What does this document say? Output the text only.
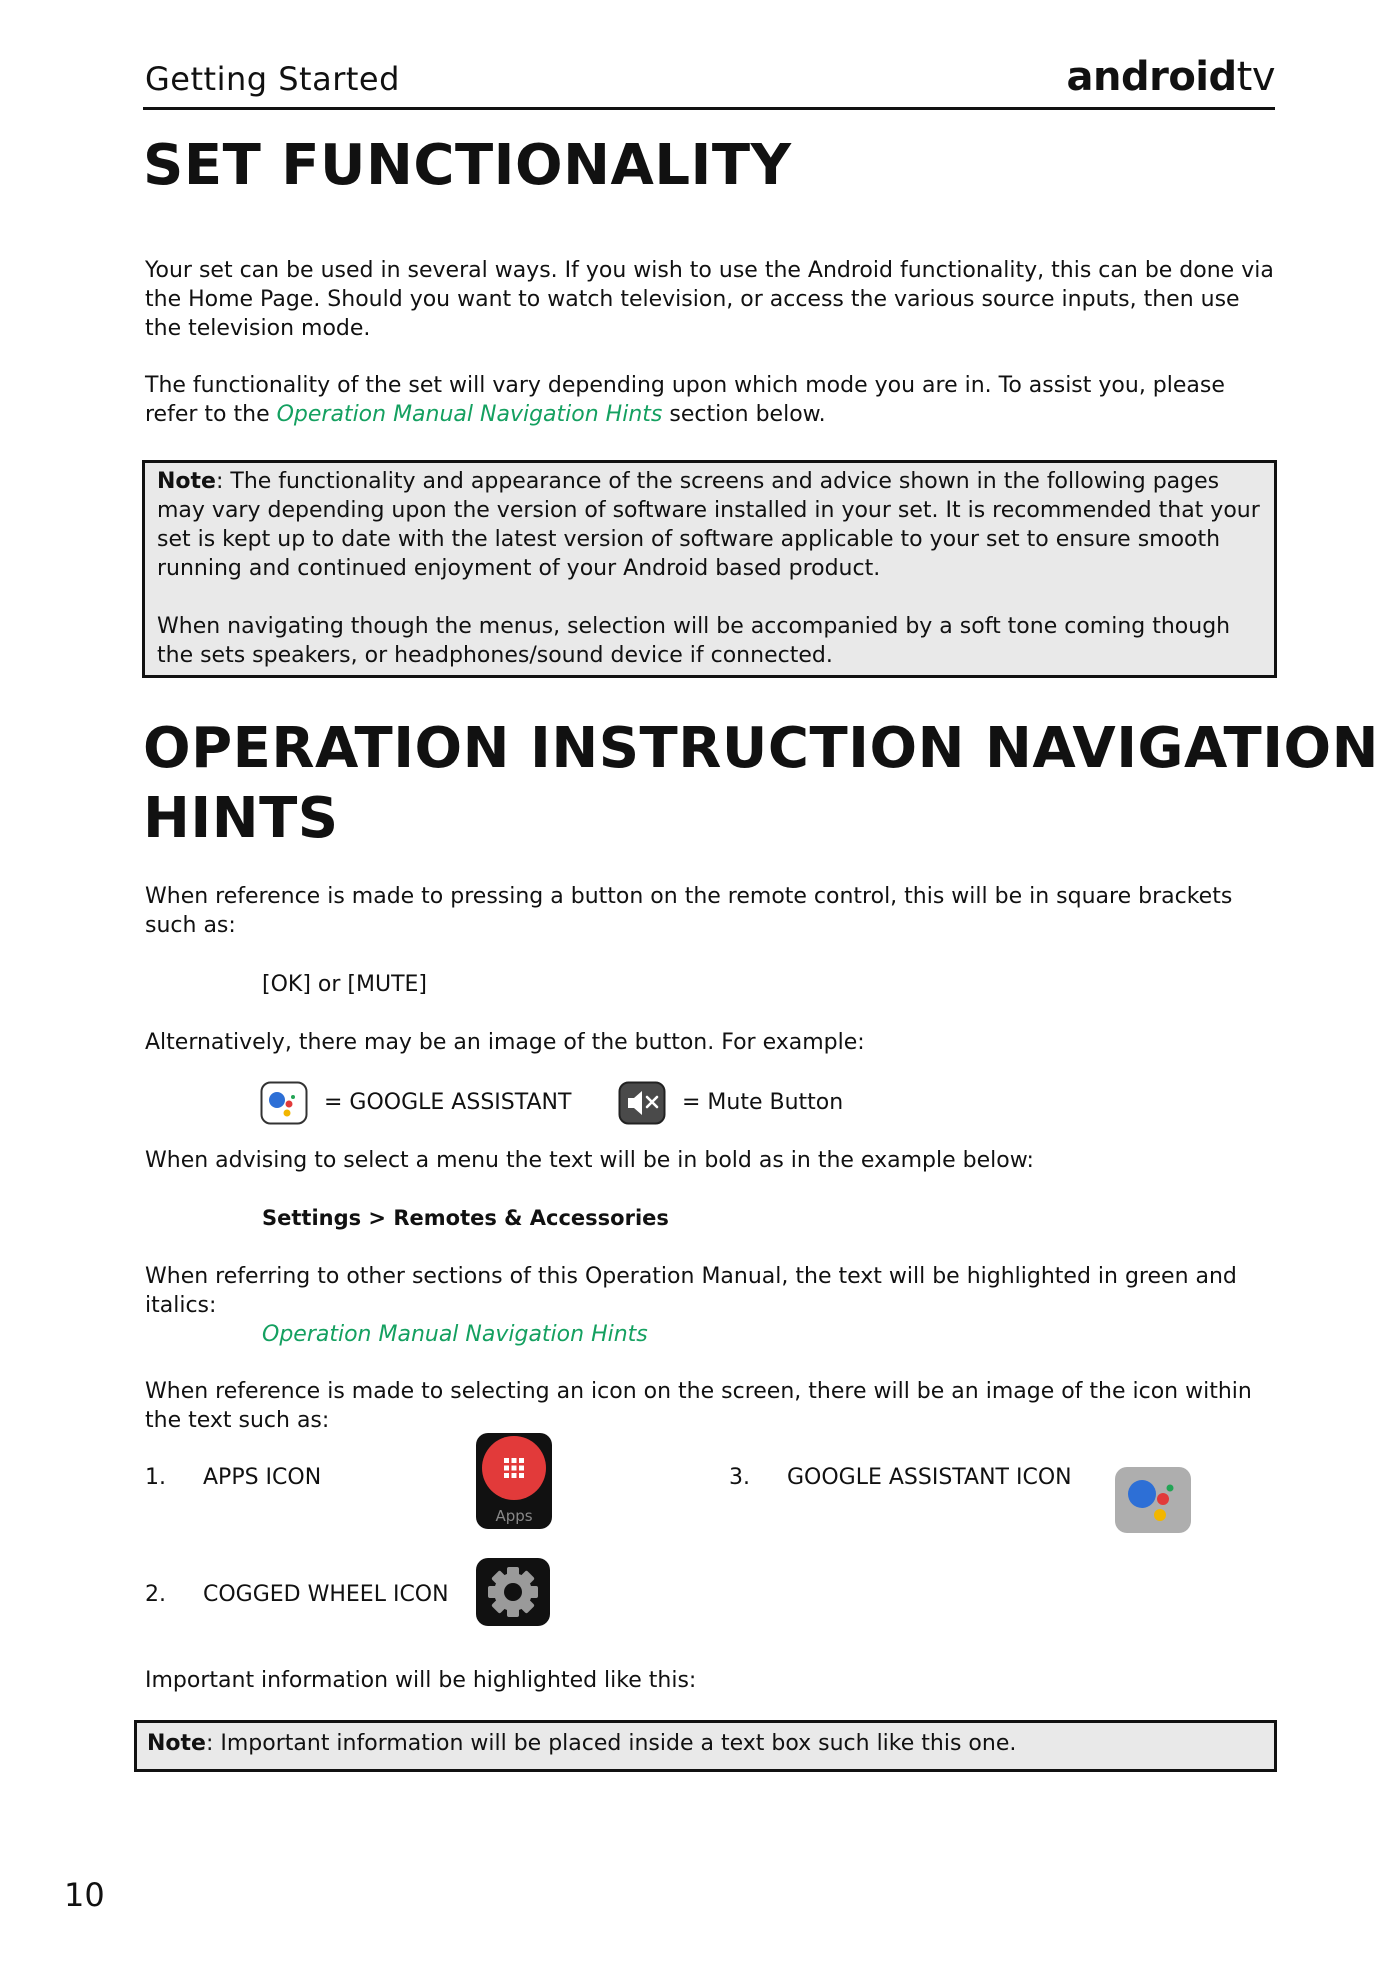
Getting Started	androidtv
SET FUNCTIONALITY

Your set can be used in several ways. If you wish to use the Android functionality, this can be done via the Home Page. Should you want to watch television, or access the various source inputs, then use the television mode.

The functionality of the set will vary depending upon which mode you are in. To assist you, please refer to the Operation Manual Navigation Hints section below.

Note: The functionality and appearance of the screens and advice shown in the following pages may vary depending upon the version of software installed in your set. It is recommended that your set is kept up to date with the latest version of software applicable to your set to ensure smooth running and continued enjoyment of your Android based product.

When navigating though the menus, selection will be accompanied by a soft tone coming though the sets speakers, or headphones/sound device if connected.

OPERATION INSTRUCTION NAVIGATION
HINTS

When reference is made to pressing a button on the remote control, this will be in square brackets such as:

[OK] or [MUTE]

Alternatively, there may be an image of the button. For example:

= GOOGLE ASSISTANT	= Mute Button

When advising to select a menu the text will be in bold as in the example below:

Settings > Remotes & Accessories

When referring to other sections of this Operation Manual, the text will be highlighted in green and italics:

Operation Manual Navigation Hints

When reference is made to selecting an icon on the screen, there will be an image of the icon within the text such as:

1. APPS ICON

Apps

2. COGGED WHEEL ICON

3. GOOGLE ASSISTANT ICON

Important information will be highlighted like this:

Note: Important information will be placed inside a text box such like this one.

10
